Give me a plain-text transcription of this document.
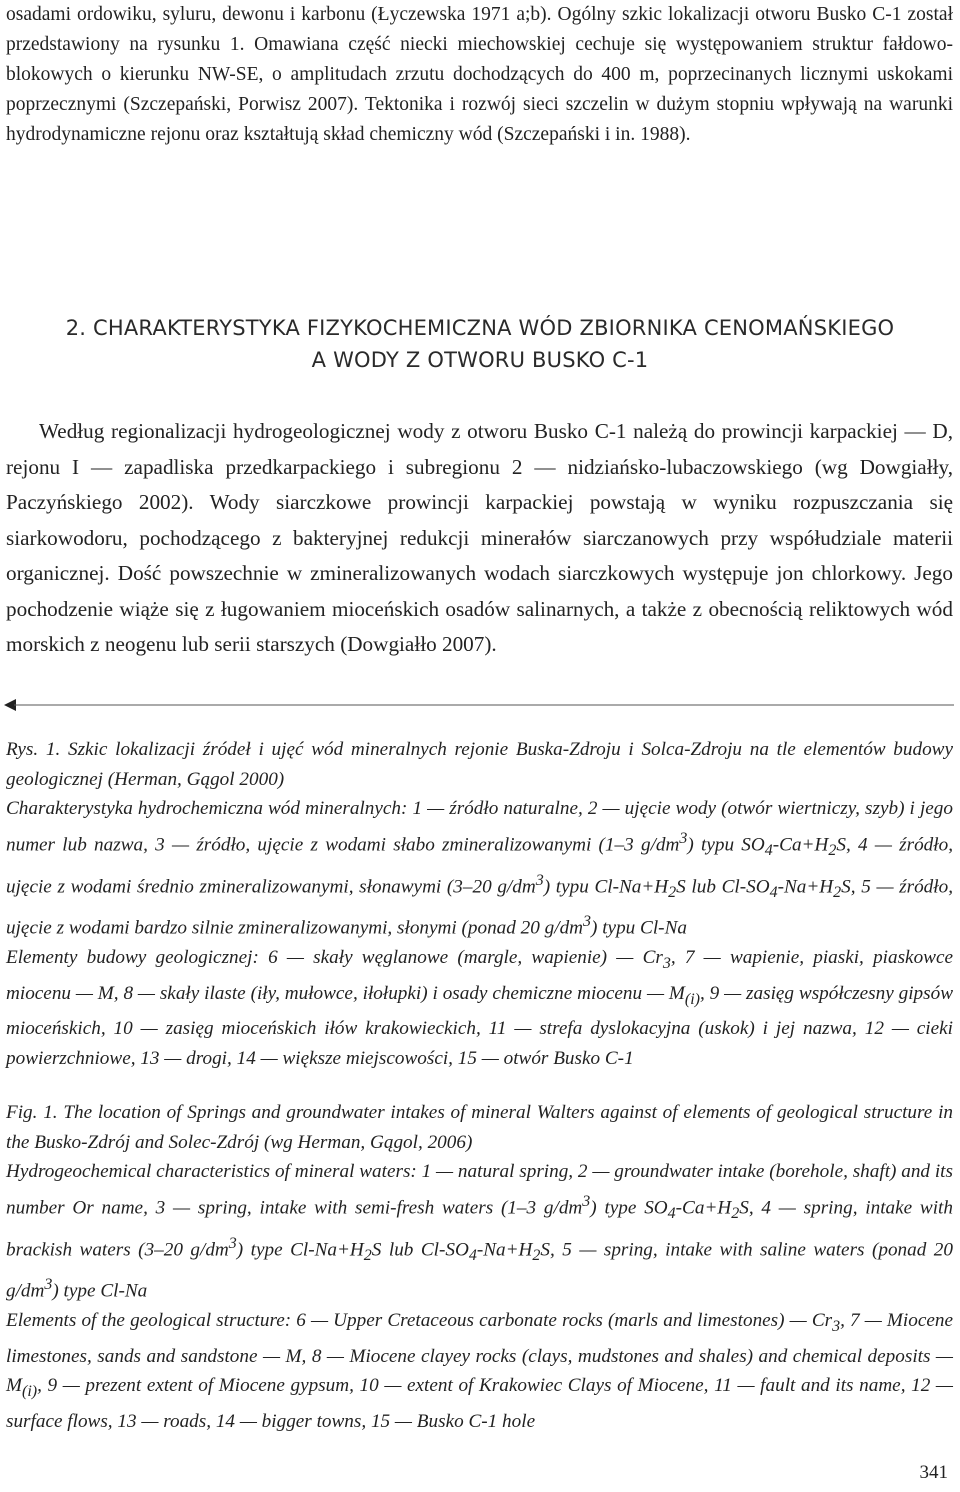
osadami ordowiku, syluru, dewonu i karbonu (Łyczewska 1971 a;b). Ogólny szkic lokalizacji otworu Busko C-1 został przedstawiony na rysunku 1. Omawiana część niecki miechowskiej cechuje się występowaniem struktur fałdowo-blokowych o kierunku NW-SE, o amplitudach zrzutu dochodzących do 400 m, poprzecinanych licznymi uskokami poprzecznymi (Szczepański, Porwisz 2007). Tektonika i rozwój sieci szczelin w dużym stopniu wpływają na warunki hydrodynamiczne rejonu oraz kształtują skład chemiczny wód (Szczepański i in. 1988).

2. CHARAKTERYSTYKA FIZYKOCHEMICZNA WÓD ZBIORNIKA CENOMAŃSKIEGO
A WODY Z OTWORU BUSKO C-1

Według regionalizacji hydrogeologicznej wody z otworu Busko C-1 należą do prowincji karpackiej — D, rejonu I — zapadliska przedkarpackiego i subregionu 2 — nidziańsko-lubaczowskiego (wg Dowgiałły, Paczyńskiego 2002). Wody siarczkowe prowincji karpackiej powstają w wyniku rozpuszczania się siarkowodoru, pochodzącego z bakteryjnej redukcji minerałów siarczanowych przy współudziale materii organicznej. Dość powszechnie w zmineralizowanych wodach siarczkowych występuje jon chlorkowy. Jego pochodzenie wiąże się z ługowaniem mioceńskich osadów salinarnych, a także z obecnością reliktowych wód morskich z neogenu lub serii starszych (Dowgiałło 2007).

Rys. 1. Szkic lokalizacji źródeł i ujęć wód mineralnych rejonie Buska-Zdroju i Solca-Zdroju na tle elementów budowy geologicznej (Herman, Gągol 2000)

Charakterystyka hydrochemiczna wód mineralnych: 1 — źródło naturalne, 2 — ujęcie wody (otwór wiertniczy, szyb) i jego numer lub nazwa, 3 — źródło, ujęcie z wodami słabo zmineralizowanymi (1–3 $g/dm^3$) typu $SO_4-Ca+H_2S$, 4 — źródło, ujęcie z wodami średnio zmineralizowanymi, słonawymi (3–20 $g/dm^3$) typu $Cl-Na+H_2S$ lub $Cl-SO_4-Na+H_2S$, 5 — źródło, ujęcie z wodami bardzo silnie zmineralizowanymi, słonymi (ponad 20 $g/dm^3$) typu Cl-Na

Elementy budowy geologicznej: 6 — skały węglanowe (margle, wapienie) — $Cr_3$, 7 — wapienie, piaski, piaskowce miocenu — M, 8 — skały ilaste (iły, mułowce, iłołupki) i osady chemiczne miocenu — $M_{(i)}$, 9 — zasięg współczesny gipsów mioceńskich, 10 — zasięg mioceńskich iłów krakowieckich, 11 — strefa dyslokacyjna (uskok) i jej nazwa, 12 — cieki powierzchniowe, 13 — drogi, 14 — większe miejscowości, 15 — otwór Busko C-1

Fig. 1. The location of Springs and groundwater intakes of mineral Walters against of elements of geological structure in the Busko-Zdrój and Solec-Zdrój (wg Herman, Gągol, 2006)

Hydrogeochemical characteristics of mineral waters: 1 — natural spring, 2 — groundwater intake (borehole, shaft) and its number Or name, 3 — spring, intake with semi-fresh waters (1–3 $g/dm^3$) type $SO_4-Ca+H_2S$, 4 — spring, intake with brackish waters (3–20 $g/dm^3$) type $Cl-Na+H_2S$ lub $Cl-SO_4-Na+H_2S$, 5 — spring, intake with saline waters (ponad 20 $g/dm^3$) type Cl-Na

Elements of the geological structure: 6 — Upper Cretaceous carbonate rocks (marls and limestones) — $Cr_3$, 7 — Miocene limestones, sands and sandstone — M, 8 — Miocene clayey rocks (clays, mudstones and shales) and chemical deposits — $M_{(i)}$, 9 — prezent extent of Miocene gypsum, 10 — extent of Krakowiec Clays of Miocene, 11 — fault and its name, 12 — surface flows, 13 — roads, 14 — bigger towns, 15 — Busko C-1 hole

341
